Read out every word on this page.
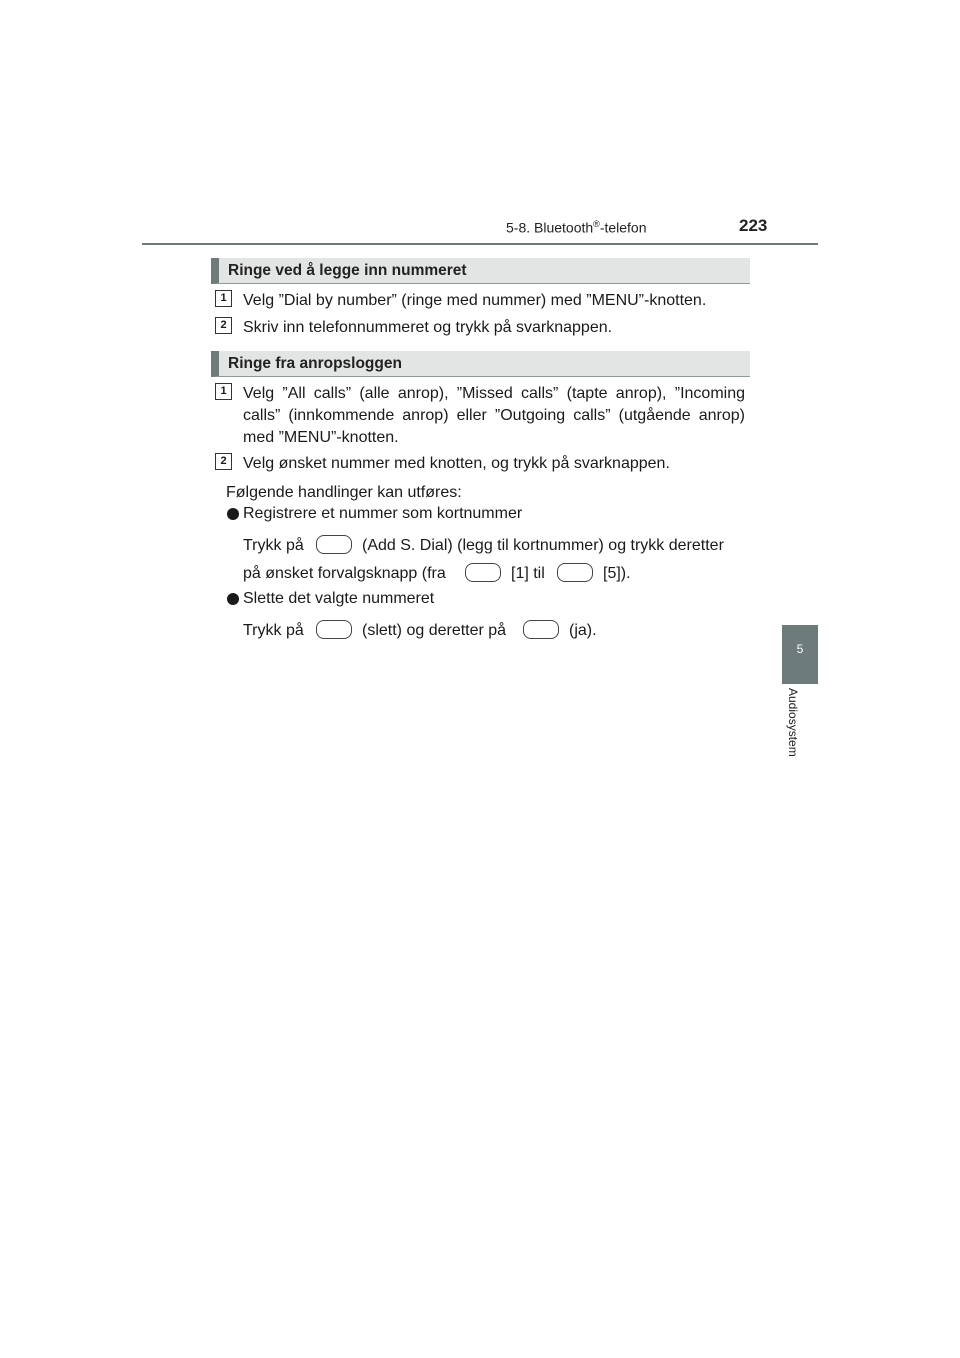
5-8. Bluetooth®-telefon	223
5
Audiosystem
Ringe ved å legge inn nummeret
1	Velg ”Dial by number” (ringe med nummer) med ”MENU”-knotten.
2	Skriv inn telefonnummeret og trykk på svarknappen.
Ringe fra anropsloggen
1	Velg ”All calls” (alle anrop), ”Missed calls” (tapte anrop), ”Incoming
calls” (innkommende anrop) eller ”Outgoing calls” (utgående anrop)
med ”MENU”-knotten.
2	Velg ønsket nummer med knotten, og trykk på svarknappen.
Følgende handlinger kan utføres:
Registrere et nummer som kortnummer
Trykk på	(Add S. Dial) (legg til kortnummer) og trykk deretter
på ønsket forvalgsknapp (fra	[1] til	[5]).
Slette det valgte nummeret
Trykk på	(slett) og deretter på	(ja).
